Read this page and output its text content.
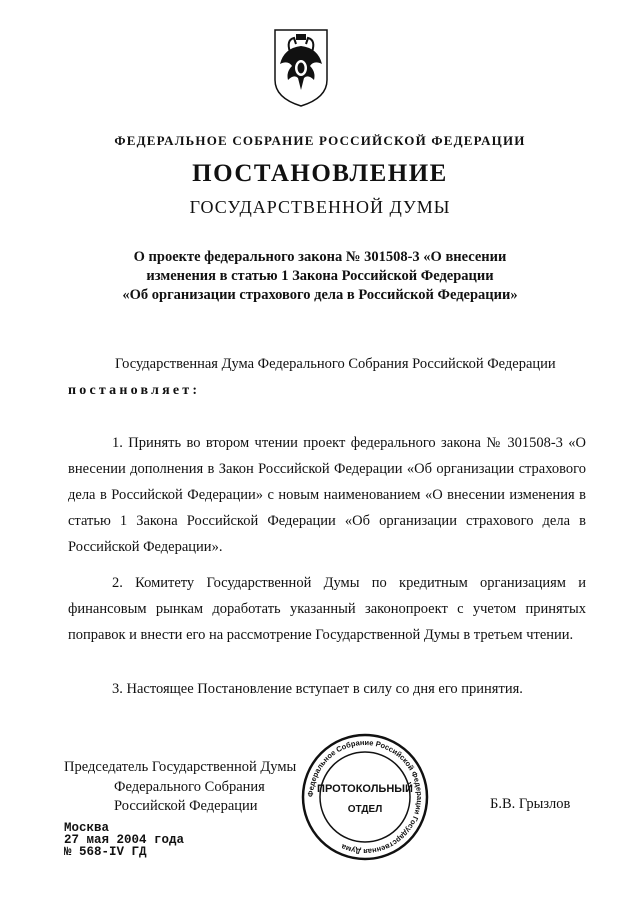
ФЕДЕРАЛЬНОЕ СОБРАНИЕ РОССИЙСКОЙ ФЕДЕРАЦИИ
ПОСТАНОВЛЕНИЕ
ГОСУДАРСТВЕННОЙ ДУМЫ
О проекте федерального закона № 301508-3 «О внесении
изменения в статью 1 Закона Российской Федерации
«Об организации страхового дела в Российской Федерации»
Государственная Дума Федерального Собрания Российской Федерации
постановляет:
1. Принять во втором чтении проект федерального закона № 301508-3 «О внесении дополнения в Закон Российской Федерации «Об организации страхового дела в Российской Федерации» с новым наименованием «О внесении изменения в статью 1 Закона Российской Федерации «Об организации страхового дела в Российской Федерации».
2. Комитету Государственной Думы по кредитным организациям и финансовым рынкам доработать указанный законопроект с учетом принятых поправок и внести его на рассмотрение Государственной Думы в третьем чтении.
3. Настоящее Постановление вступает в силу со дня его принятия.
Председатель Государственной Думы
Федерального Собрания
Российской Федерации	Б.В. Грызлов
Федеральное Собрание Российской Федерации Государственная Дума
ПРОТОКОЛЬНЫЙ
ОТДЕЛ
Москва
27 мая 2004 года
№ 568-IV ГД
